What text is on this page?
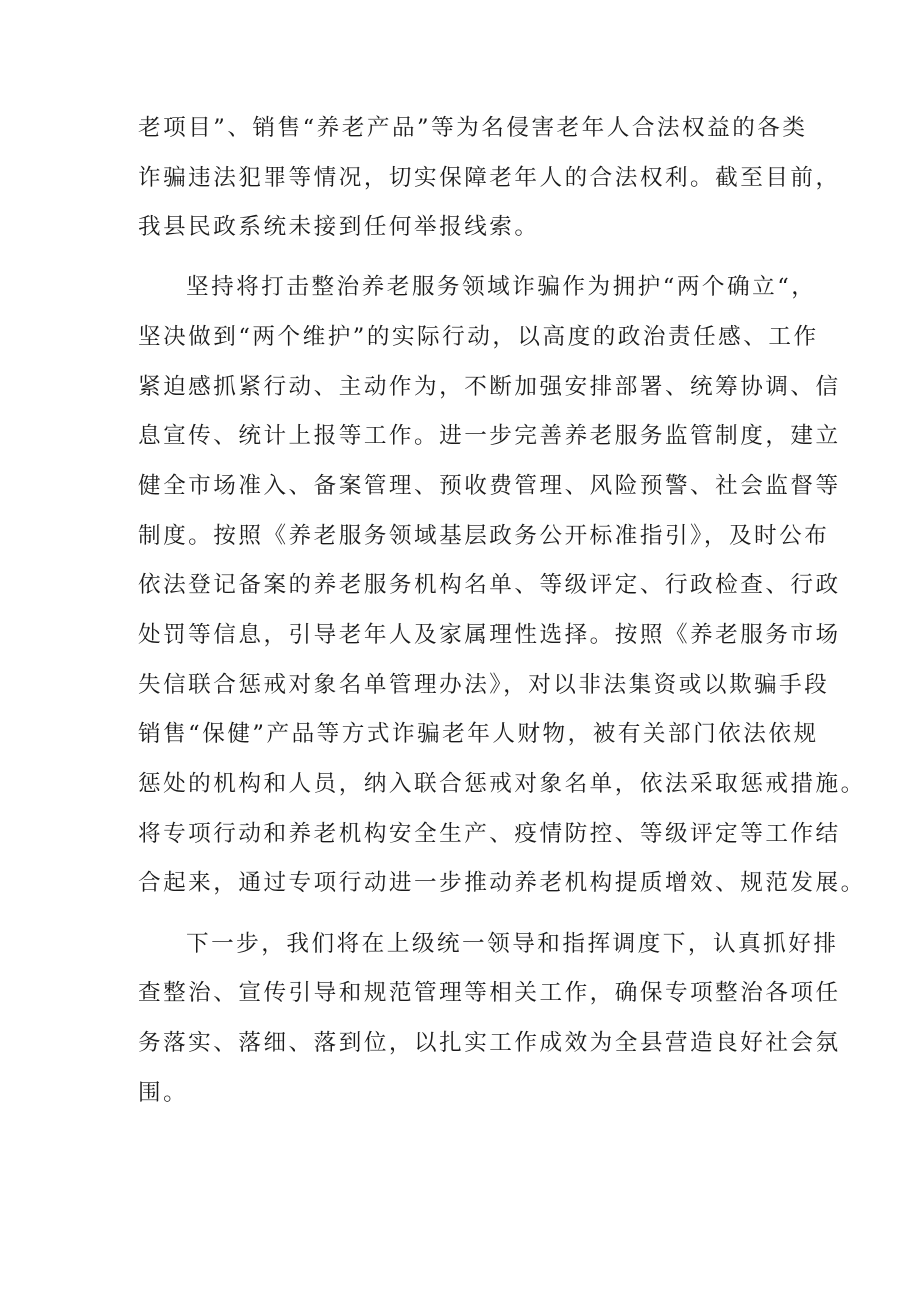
老项目”、销售“养老产品”等为名侵害老年人合法权益的各类
诈骗违法犯罪等情况，切实保障老年人的合法权利。截至目前，
我县民政系统未接到任何举报线索。
坚持将打击整治养老服务领域诈骗作为拥护“两个确立“，
坚决做到“两个维护”的实际行动，以高度的政治责任感、工作
紧迫感抓紧行动、主动作为，不断加强安排部署、统筹协调、信
息宣传、统计上报等工作。进一步完善养老服务监管制度，建立
健全市场准入、备案管理、预收费管理、风险预警、社会监督等
制度。按照《养老服务领域基层政务公开标准指引》，及时公布
依法登记备案的养老服务机构名单、等级评定、行政检查、行政
处罚等信息，引导老年人及家属理性选择。按照《养老服务市场
失信联合惩戒对象名单管理办法》，对以非法集资或以欺骗手段
销售“保健”产品等方式诈骗老年人财物，被有关部门依法依规
惩处的机构和人员，纳入联合惩戒对象名单，依法采取惩戒措施。
将专项行动和养老机构安全生产、疫情防控、等级评定等工作结
合起来，通过专项行动进一步推动养老机构提质增效、规范发展。
下一步，我们将在上级统一领导和指挥调度下，认真抓好排
查整治、宣传引导和规范管理等相关工作，确保专项整治各项任
务落实、落细、落到位，以扎实工作成效为全县营造良好社会氛
围。
